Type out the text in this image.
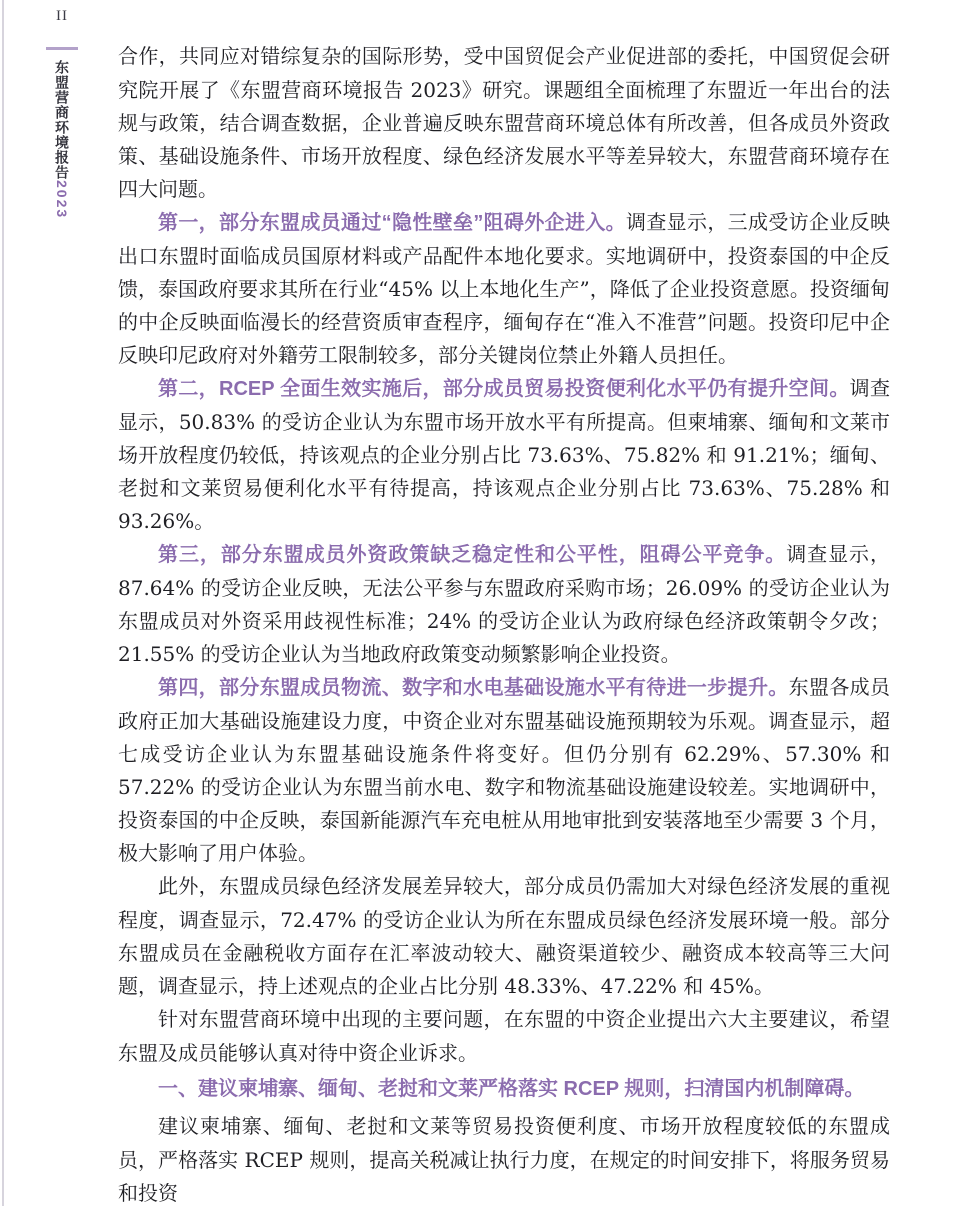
II
东盟营商环境报告2023

合作，共同应对错综复杂的国际形势，受中国贸促会产业促进部的委托，中国贸促会研究院开展了《东盟营商环境报告 2023》研究。课题组全面梳理了东盟近一年出台的法规与政策，结合调查数据，企业普遍反映东盟营商环境总体有所改善，但各成员外资政策、基础设施条件、市场开放程度、绿色经济发展水平等差异较大，东盟营商环境存在四大问题。

第一，部分东盟成员通过“隐性壁垒”阻碍外企进入。调查显示，三成受访企业反映出口东盟时面临成员国原材料或产品配件本地化要求。实地调研中，投资泰国的中企反馈，泰国政府要求其所在行业“45% 以上本地化生产”，降低了企业投资意愿。投资缅甸的中企反映面临漫长的经营资质审查程序，缅甸存在“准入不准营”问题。投资印尼中企反映印尼政府对外籍劳工限制较多，部分关键岗位禁止外籍人员担任。

第二，RCEP 全面生效实施后，部分成员贸易投资便利化水平仍有提升空间。调查显示，50.83% 的受访企业认为东盟市场开放水平有所提高。但柬埔寨、缅甸和文莱市场开放程度仍较低，持该观点的企业分别占比 73.63%、75.82% 和 91.21%；缅甸、老挝和文莱贸易便利化水平有待提高，持该观点企业分别占比 73.63%、75.28% 和 93.26%。

第三，部分东盟成员外资政策缺乏稳定性和公平性，阻碍公平竞争。调查显示，87.64% 的受访企业反映，无法公平参与东盟政府采购市场；26.09% 的受访企业认为东盟成员对外资采用歧视性标准；24% 的受访企业认为政府绿色经济政策朝令夕改；21.55% 的受访企业认为当地政府政策变动频繁影响企业投资。

第四，部分东盟成员物流、数字和水电基础设施水平有待进一步提升。东盟各成员政府正加大基础设施建设力度，中资企业对东盟基础设施预期较为乐观。调查显示，超七成受访企业认为东盟基础设施条件将变好。但仍分别有 62.29%、57.30% 和 57.22% 的受访企业认为东盟当前水电、数字和物流基础设施建设较差。实地调研中，投资泰国的中企反映，泰国新能源汽车充电桩从用地审批到安装落地至少需要 3 个月，极大影响了用户体验。

此外，东盟成员绿色经济发展差异较大，部分成员仍需加大对绿色经济发展的重视程度，调查显示，72.47% 的受访企业认为所在东盟成员绿色经济发展环境一般。部分东盟成员在金融税收方面存在汇率波动较大、融资渠道较少、融资成本较高等三大问题，调查显示，持上述观点的企业占比分别 48.33%、47.22% 和 45%。

针对东盟营商环境中出现的主要问题，在东盟的中资企业提出六大主要建议，希望东盟及成员能够认真对待中资企业诉求。

一、建议柬埔寨、缅甸、老挝和文莱严格落实 RCEP 规则，扫清国内机制障碍。

建议柬埔寨、缅甸、老挝和文莱等贸易投资便利度、市场开放程度较低的东盟成员，严格落实 RCEP 规则，提高关税减让执行力度，在规定的时间安排下，将服务贸易和投资
